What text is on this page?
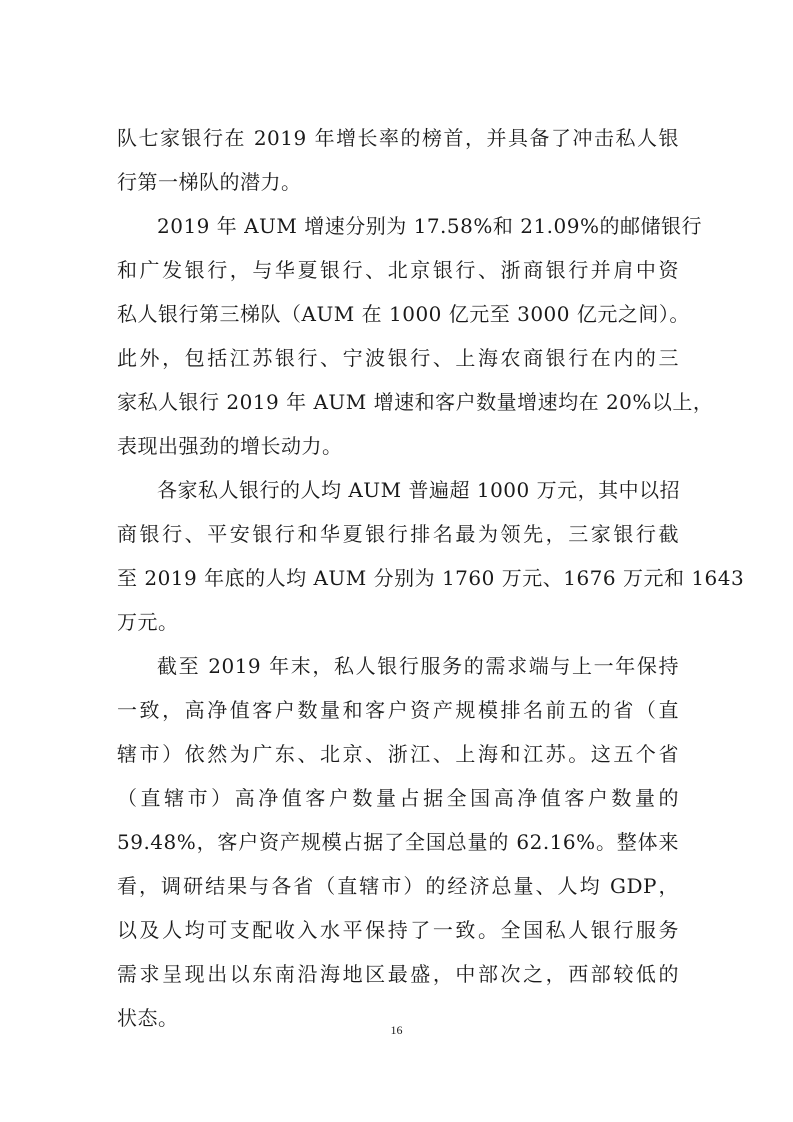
队七家银行在 2019 年增长率的榜首，并具备了冲击私人银
行第一梯队的潜力。

2019 年 AUM 增速分别为 17.58%和 21.09%的邮储银行
和广发银行，与华夏银行、北京银行、浙商银行并肩中资
私人银行第三梯队（AUM 在 1000 亿元至 3000 亿元之间）。
此外，包括江苏银行、宁波银行、上海农商银行在内的三
家私人银行 2019 年 AUM 增速和客户数量增速均在 20%以上，
表现出强劲的增长动力。

各家私人银行的人均 AUM 普遍超 1000 万元，其中以招
商银行、平安银行和华夏银行排名最为领先，三家银行截
至 2019 年底的人均 AUM 分别为 1760 万元、1676 万元和 1643
万元。

截至 2019 年末，私人银行服务的需求端与上一年保持
一致，高净值客户数量和客户资产规模排名前五的省（直
辖市）依然为广东、北京、浙江、上海和江苏。这五个省
（直辖市）高净值客户数量占据全国高净值客户数量的
59.48%，客户资产规模占据了全国总量的 62.16%。整体来
看，调研结果与各省（直辖市）的经济总量、人均 GDP，
以及人均可支配收入水平保持了一致。全国私人银行服务
需求呈现出以东南沿海地区最盛，中部次之，西部较低的
状态。	16
